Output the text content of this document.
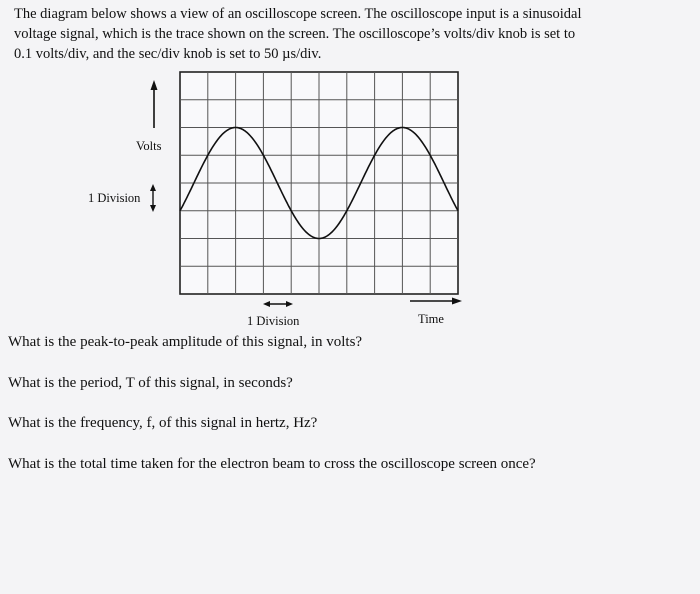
The diagram below shows a view of an oscilloscope screen. The oscilloscope input is a sinusoidal
voltage signal, which is the trace shown on the screen. The oscilloscope’s volts/div knob is set to
0.1 volts/div, and the sec/div knob is set to 50 µs/div.
Volts
1 Division
1 Division	Time
What is the peak-to-peak amplitude of this signal, in volts?
What is the period, T of this signal, in seconds?
What is the frequency, f, of this signal in hertz, Hz?
What is the total time taken for the electron beam to cross the oscilloscope screen once?
